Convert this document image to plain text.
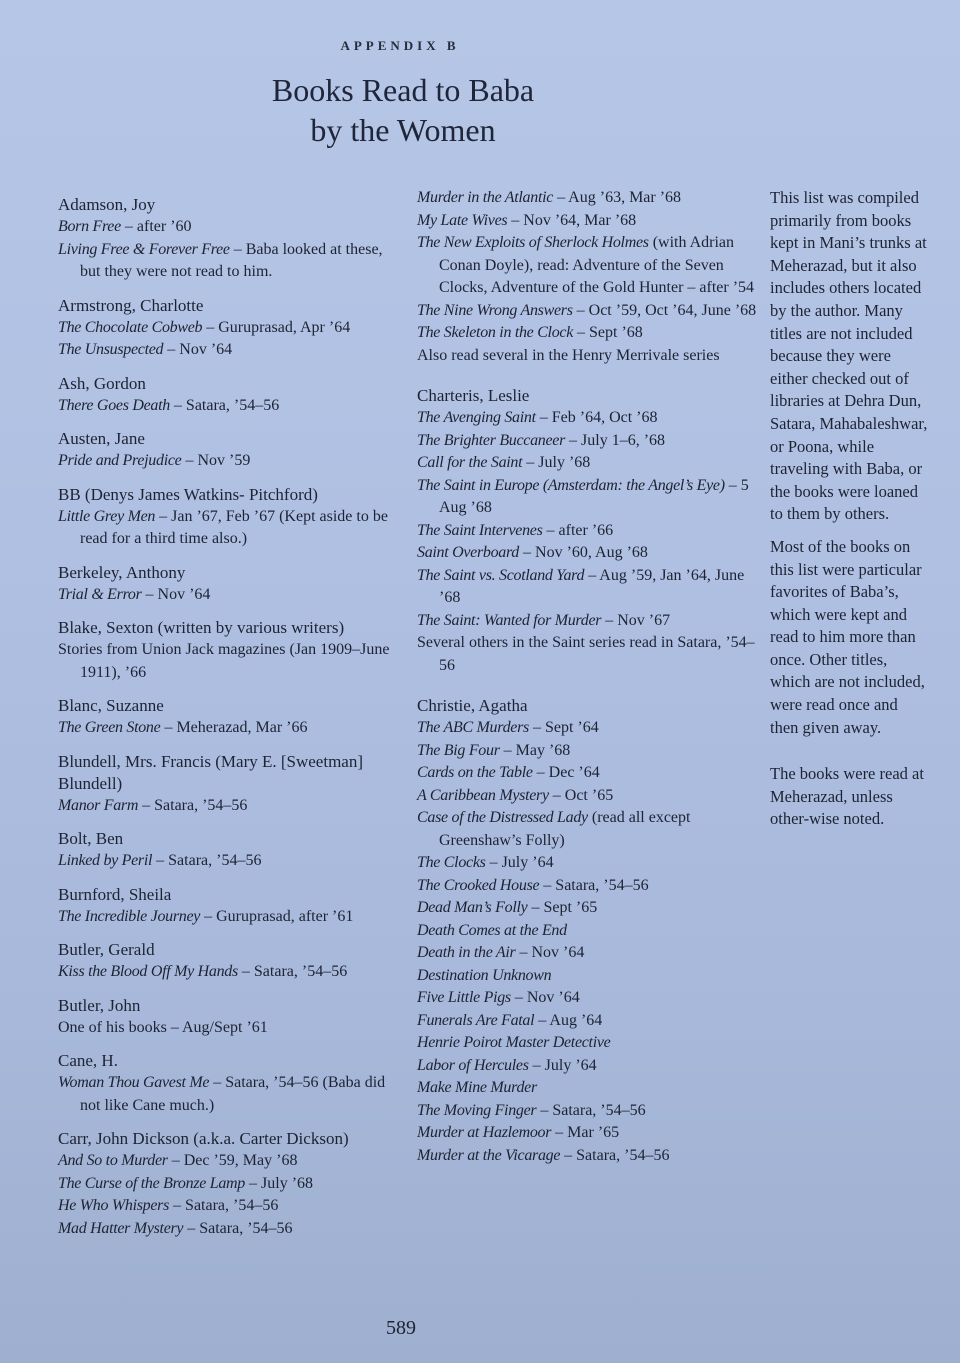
APPENDIX B
Books Read to Baba
by the Women
Adamson, Joy
Born Free – after ’60
Living Free & Forever Free – Baba looked at these, but they were not read to him.
Armstrong, Charlotte
The Chocolate Cobweb – Guruprasad, Apr ’64
The Unsuspected – Nov ’64
Ash, Gordon
There Goes Death – Satara, ’54–56
Austen, Jane
Pride and Prejudice – Nov ’59
BB (Denys James Watkins- Pitchford)
Little Grey Men – Jan ’67, Feb ’67 (Kept aside to be read for a third time also.)
Berkeley, Anthony
Trial & Error – Nov ’64
Blake, Sexton (written by various writers)
Stories from Union Jack magazines (Jan 1909–June 1911), ’66
Blanc, Suzanne
The Green Stone – Meherazad, Mar ’66
Blundell, Mrs. Francis (Mary E. [Sweetman] Blundell)
Manor Farm – Satara, ’54–56
Bolt, Ben
Linked by Peril – Satara, ’54–56
Burnford, Sheila
The Incredible Journey – Guruprasad, after ’61
Butler, Gerald
Kiss the Blood Off My Hands – Satara, ’54–56
Butler, John
One of his books – Aug/Sept ’61
Cane, H.
Woman Thou Gavest Me – Satara, ’54–56 (Baba did not like Cane much.)
Carr, John Dickson (a.k.a. Carter Dickson)
And So to Murder – Dec ’59, May ’68
The Curse of the Bronze Lamp – July ’68
He Who Whispers – Satara, ’54–56
Mad Hatter Mystery – Satara, ’54–56
Murder in the Atlantic – Aug ’63, Mar ’68
My Late Wives – Nov ’64, Mar ’68
The New Exploits of Sherlock Holmes (with Adrian Conan Doyle), read: Adventure of the Seven Clocks, Adventure of the Gold Hunter – after ’54
The Nine Wrong Answers – Oct ’59, Oct ’64, June ’68
The Skeleton in the Clock – Sept ’68
Also read several in the Henry Merrivale series
Charteris, Leslie
The Avenging Saint – Feb ’64, Oct ’68
The Brighter Buccaneer – July 1–6, ’68
Call for the Saint – July ’68
The Saint in Europe (Amsterdam: the Angel’s Eye) – 5 Aug ’68
The Saint Intervenes – after ’66
Saint Overboard – Nov ’60, Aug ’68
The Saint vs. Scotland Yard – Aug ’59, Jan ’64, June ’68
The Saint: Wanted for Murder – Nov ’67
Several others in the Saint series read in Satara, ’54–56
Christie, Agatha
The ABC Murders – Sept ’64
The Big Four – May ’68
Cards on the Table – Dec ’64
A Caribbean Mystery – Oct ’65
Case of the Distressed Lady (read all except Greenshaw’s Folly)
The Clocks – July ’64
The Crooked House – Satara, ’54–56
Dead Man’s Folly – Sept ’65
Death Comes at the End
Death in the Air – Nov ’64
Destination Unknown
Five Little Pigs – Nov ’64
Funerals Are Fatal – Aug ’64
Henrie Poirot Master Detective
Labor of Hercules – July ’64
Make Mine Murder
The Moving Finger – Satara, ’54–56
Murder at Hazlemoor – Mar ’65
Murder at the Vicarage – Satara, ’54–56

This list was compiled primarily from books kept in Mani’s trunks at Meherazad, but it also includes others located by the author. Many titles are not included because they were either checked out of libraries at Dehra Dun, Satara, Mahabaleshwar, or Poona, while traveling with Baba, or the books were loaned to them by others.

Most of the books on this list were particular favorites of Baba’s, which were kept and read to him more than once. Other titles, which are not included, were read once and then given away.

The books were read at Meherazad, unless other-wise noted.

589
